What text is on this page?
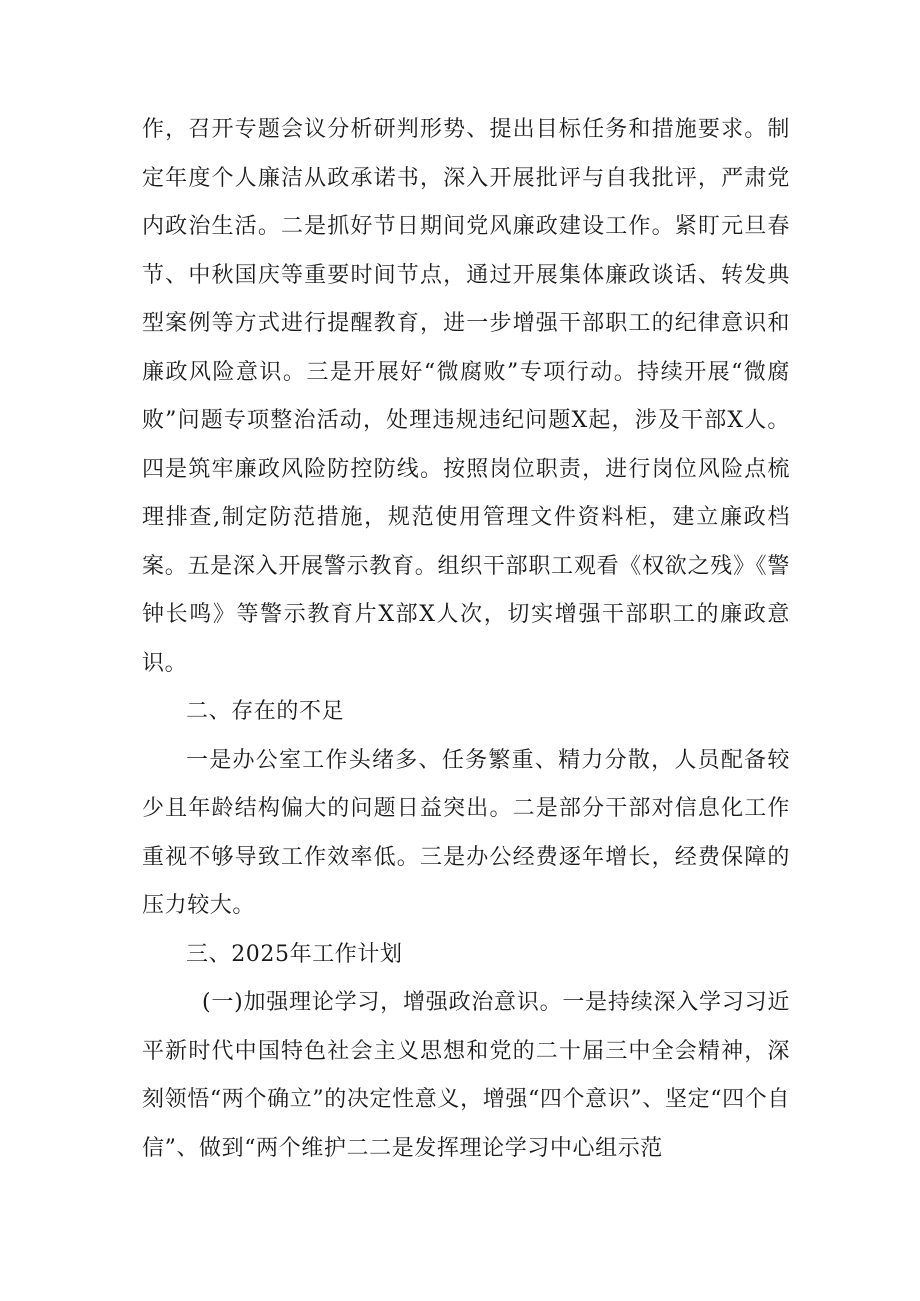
作，召开专题会议分析研判形势、提出目标任务和措施要求。制定年度个人廉洁从政承诺书，深入开展批评与自我批评，严肃党内政治生活。二是抓好节日期间党风廉政建设工作。紧盯元旦春节、中秋国庆等重要时间节点，通过开展集体廉政谈话、转发典型案例等方式进行提醒教育，进一步增强干部职工的纪律意识和廉政风险意识。三是开展好“微腐败”专项行动。持续开展“微腐败”问题专项整治活动，处理违规违纪问题X起，涉及干部X人。四是筑牢廉政风险防控防线。按照岗位职责，进行岗位风险点梳理排查,制定防范措施，规范使用管理文件资料柜，建立廉政档案。五是深入开展警示教育。组织干部职工观看《权欲之残》《警钟长鸣》等警示教育片X部X人次，切实增强干部职工的廉政意识。

二、存在的不足

一是办公室工作头绪多、任务繁重、精力分散，人员配备较少且年龄结构偏大的问题日益突出。二是部分干部对信息化工作重视不够导致工作效率低。三是办公经费逐年增长，经费保障的压力较大。

三、2025年工作计划

(一)加强理论学习，增强政治意识。一是持续深入学习习近平新时代中国特色社会主义思想和党的二十届三中全会精神，深刻领悟“两个确立”的决定性意义，增强“四个意识”、坚定“四个自信”、做到“两个维护二二是发挥理论学习中心组示范
